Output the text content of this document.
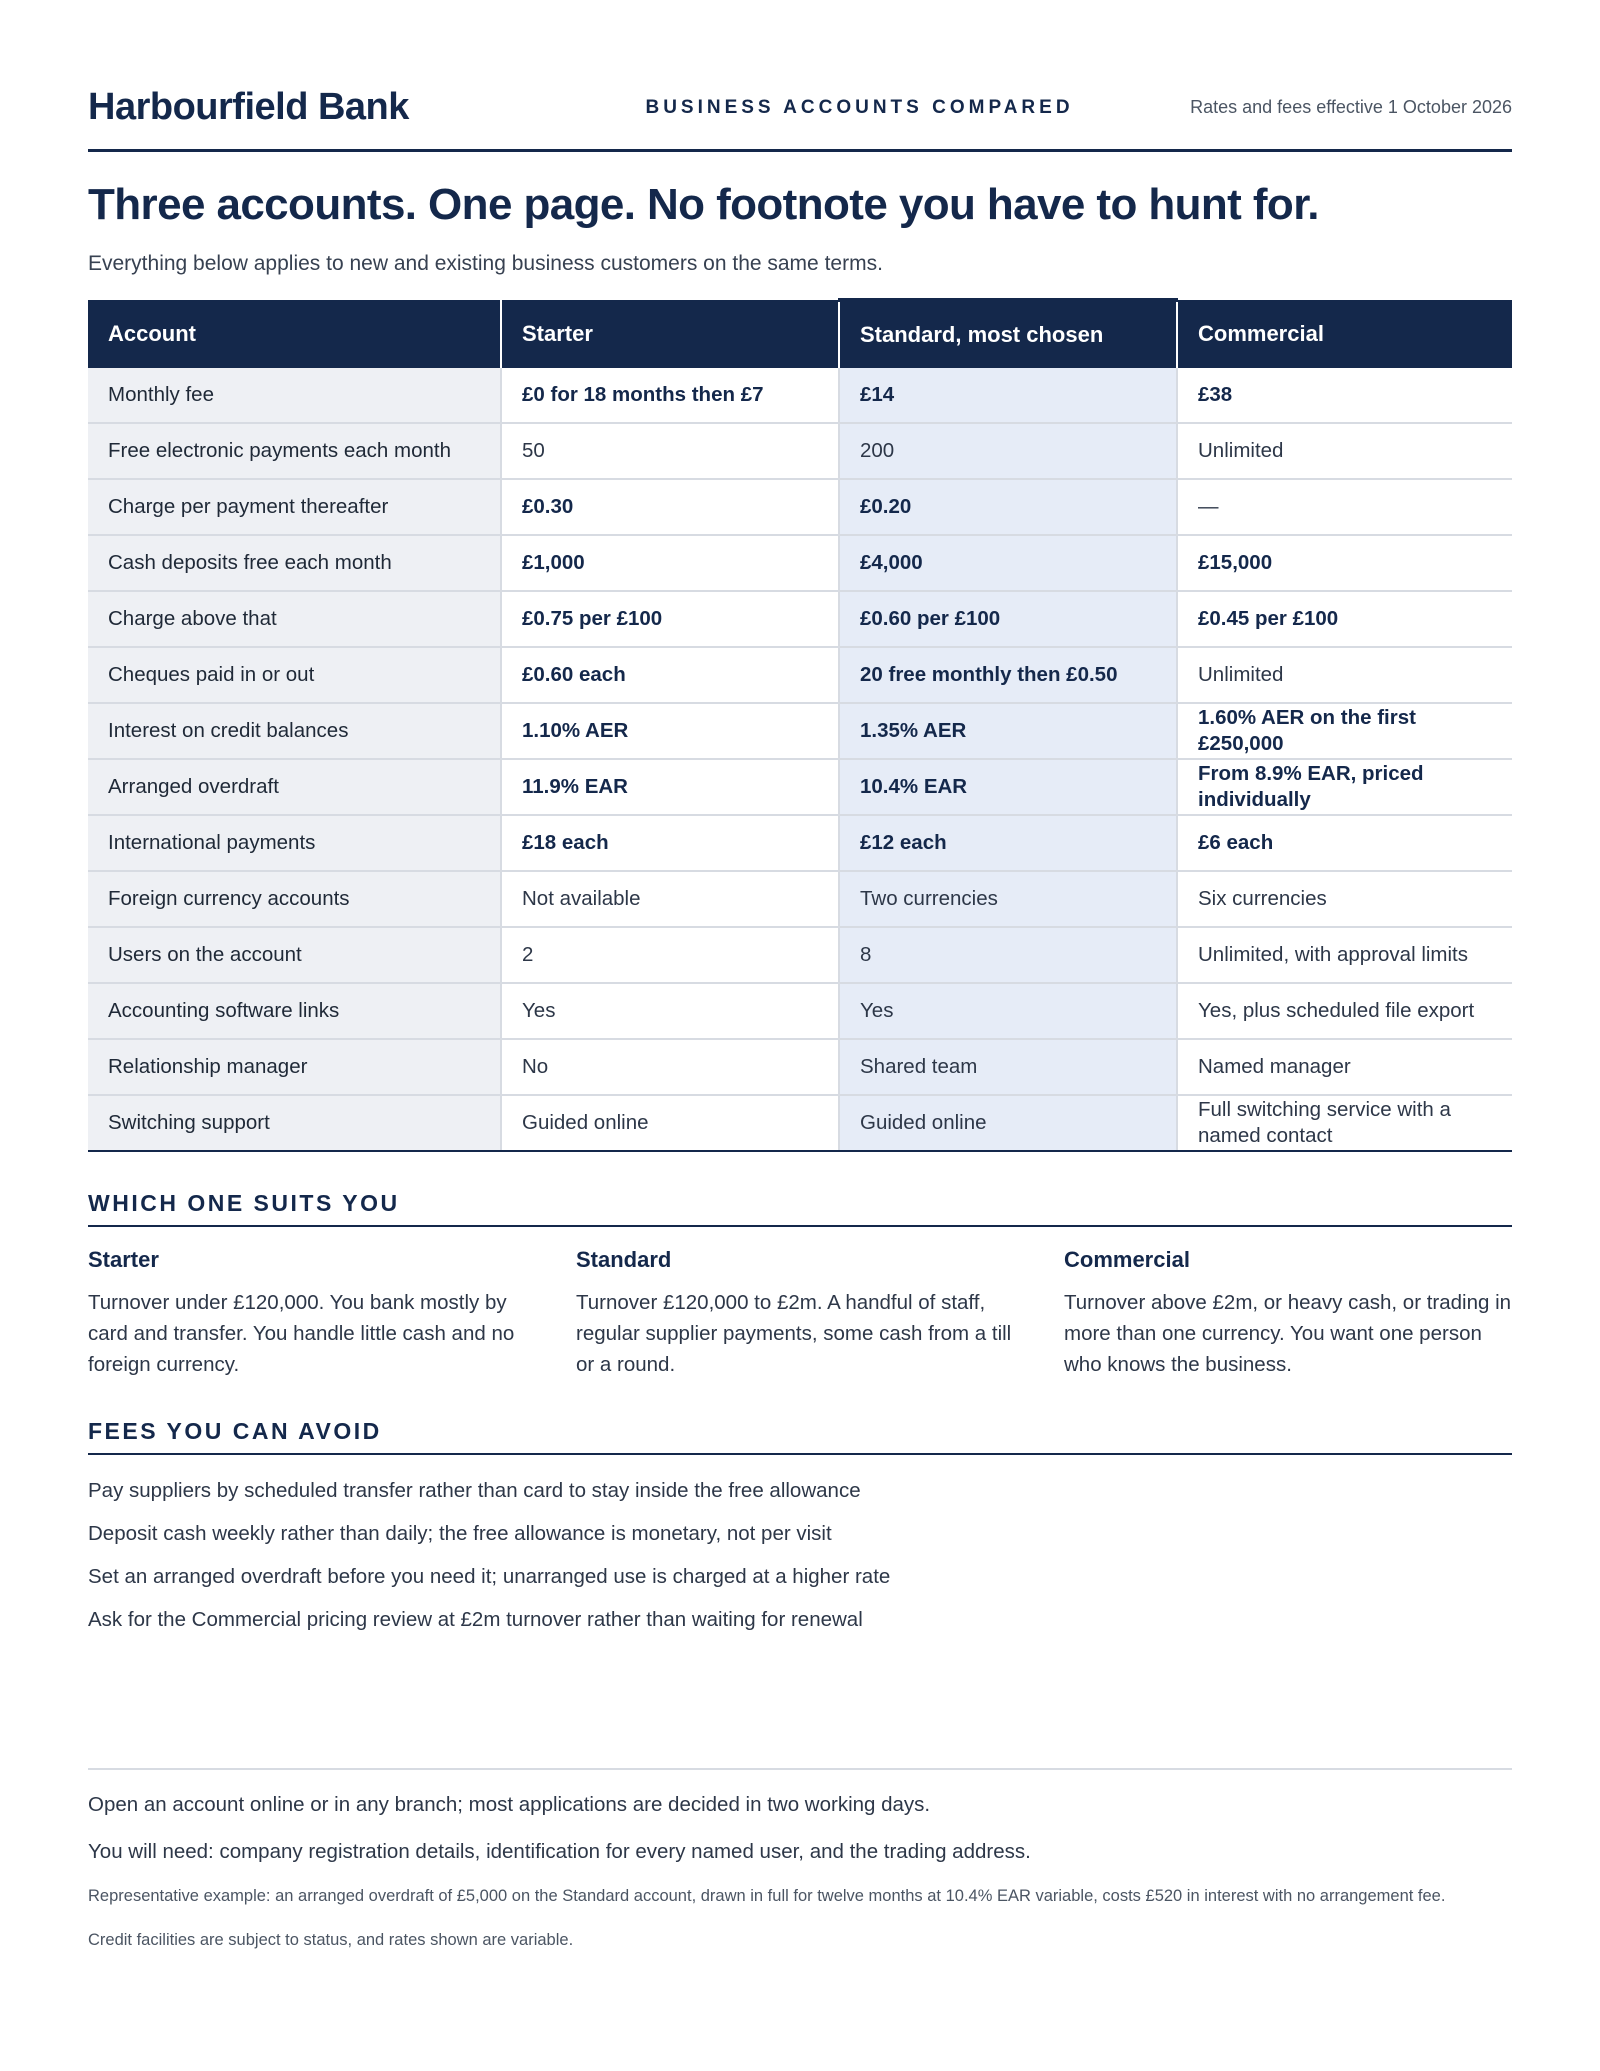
Harbourfield Bank	BUSINESS ACCOUNTS COMPARED	Rates and fees effective 1 October 2026
Three accounts. One page. No footnote you have to hunt for.
Everything below applies to new and existing business customers on the same terms.
Account	Starter	Standard, most chosen	Commercial
Monthly fee	£0 for 18 months then £7	£14	£38
Free electronic payments each month	50	200	Unlimited
Charge per payment thereafter	£0.30	£0.20	—
Cash deposits free each month	£1,000	£4,000	£15,000
Charge above that	£0.75 per £100	£0.60 per £100	£0.45 per £100
Cheques paid in or out	£0.60 each	20 free monthly then £0.50	Unlimited
Interest on credit balances	1.10% AER	1.35% AER	1.60% AER on the first £250,000
Arranged overdraft	11.9% EAR	10.4% EAR	From 8.9% EAR, priced individually
International payments	£18 each	£12 each	£6 each
Foreign currency accounts	Not available	Two currencies	Six currencies
Users on the account	2	8	Unlimited, with approval limits
Accounting software links	Yes	Yes	Yes, plus scheduled file export
Relationship manager	No	Shared team	Named manager
Switching support	Guided online	Guided online	Full switching service with a named contact
WHICH ONE SUITS YOU
Starter
Turnover under £120,000. You bank mostly by card and transfer. You handle little cash and no foreign currency.
Standard
Turnover £120,000 to £2m. A handful of staff, regular supplier payments, some cash from a till or a round.
Commercial
Turnover above £2m, or heavy cash, or trading in more than one currency. You want one person who knows the business.
FEES YOU CAN AVOID
Pay suppliers by scheduled transfer rather than card to stay inside the free allowance
Deposit cash weekly rather than daily; the free allowance is monetary, not per visit
Set an arranged overdraft before you need it; unarranged use is charged at a higher rate
Ask for the Commercial pricing review at £2m turnover rather than waiting for renewal
Open an account online or in any branch; most applications are decided in two working days.
You will need: company registration details, identification for every named user, and the trading address.
Representative example: an arranged overdraft of £5,000 on the Standard account, drawn in full for twelve months at 10.4% EAR variable, costs £520 in interest with no arrangement fee.
Credit facilities are subject to status, and rates shown are variable.
